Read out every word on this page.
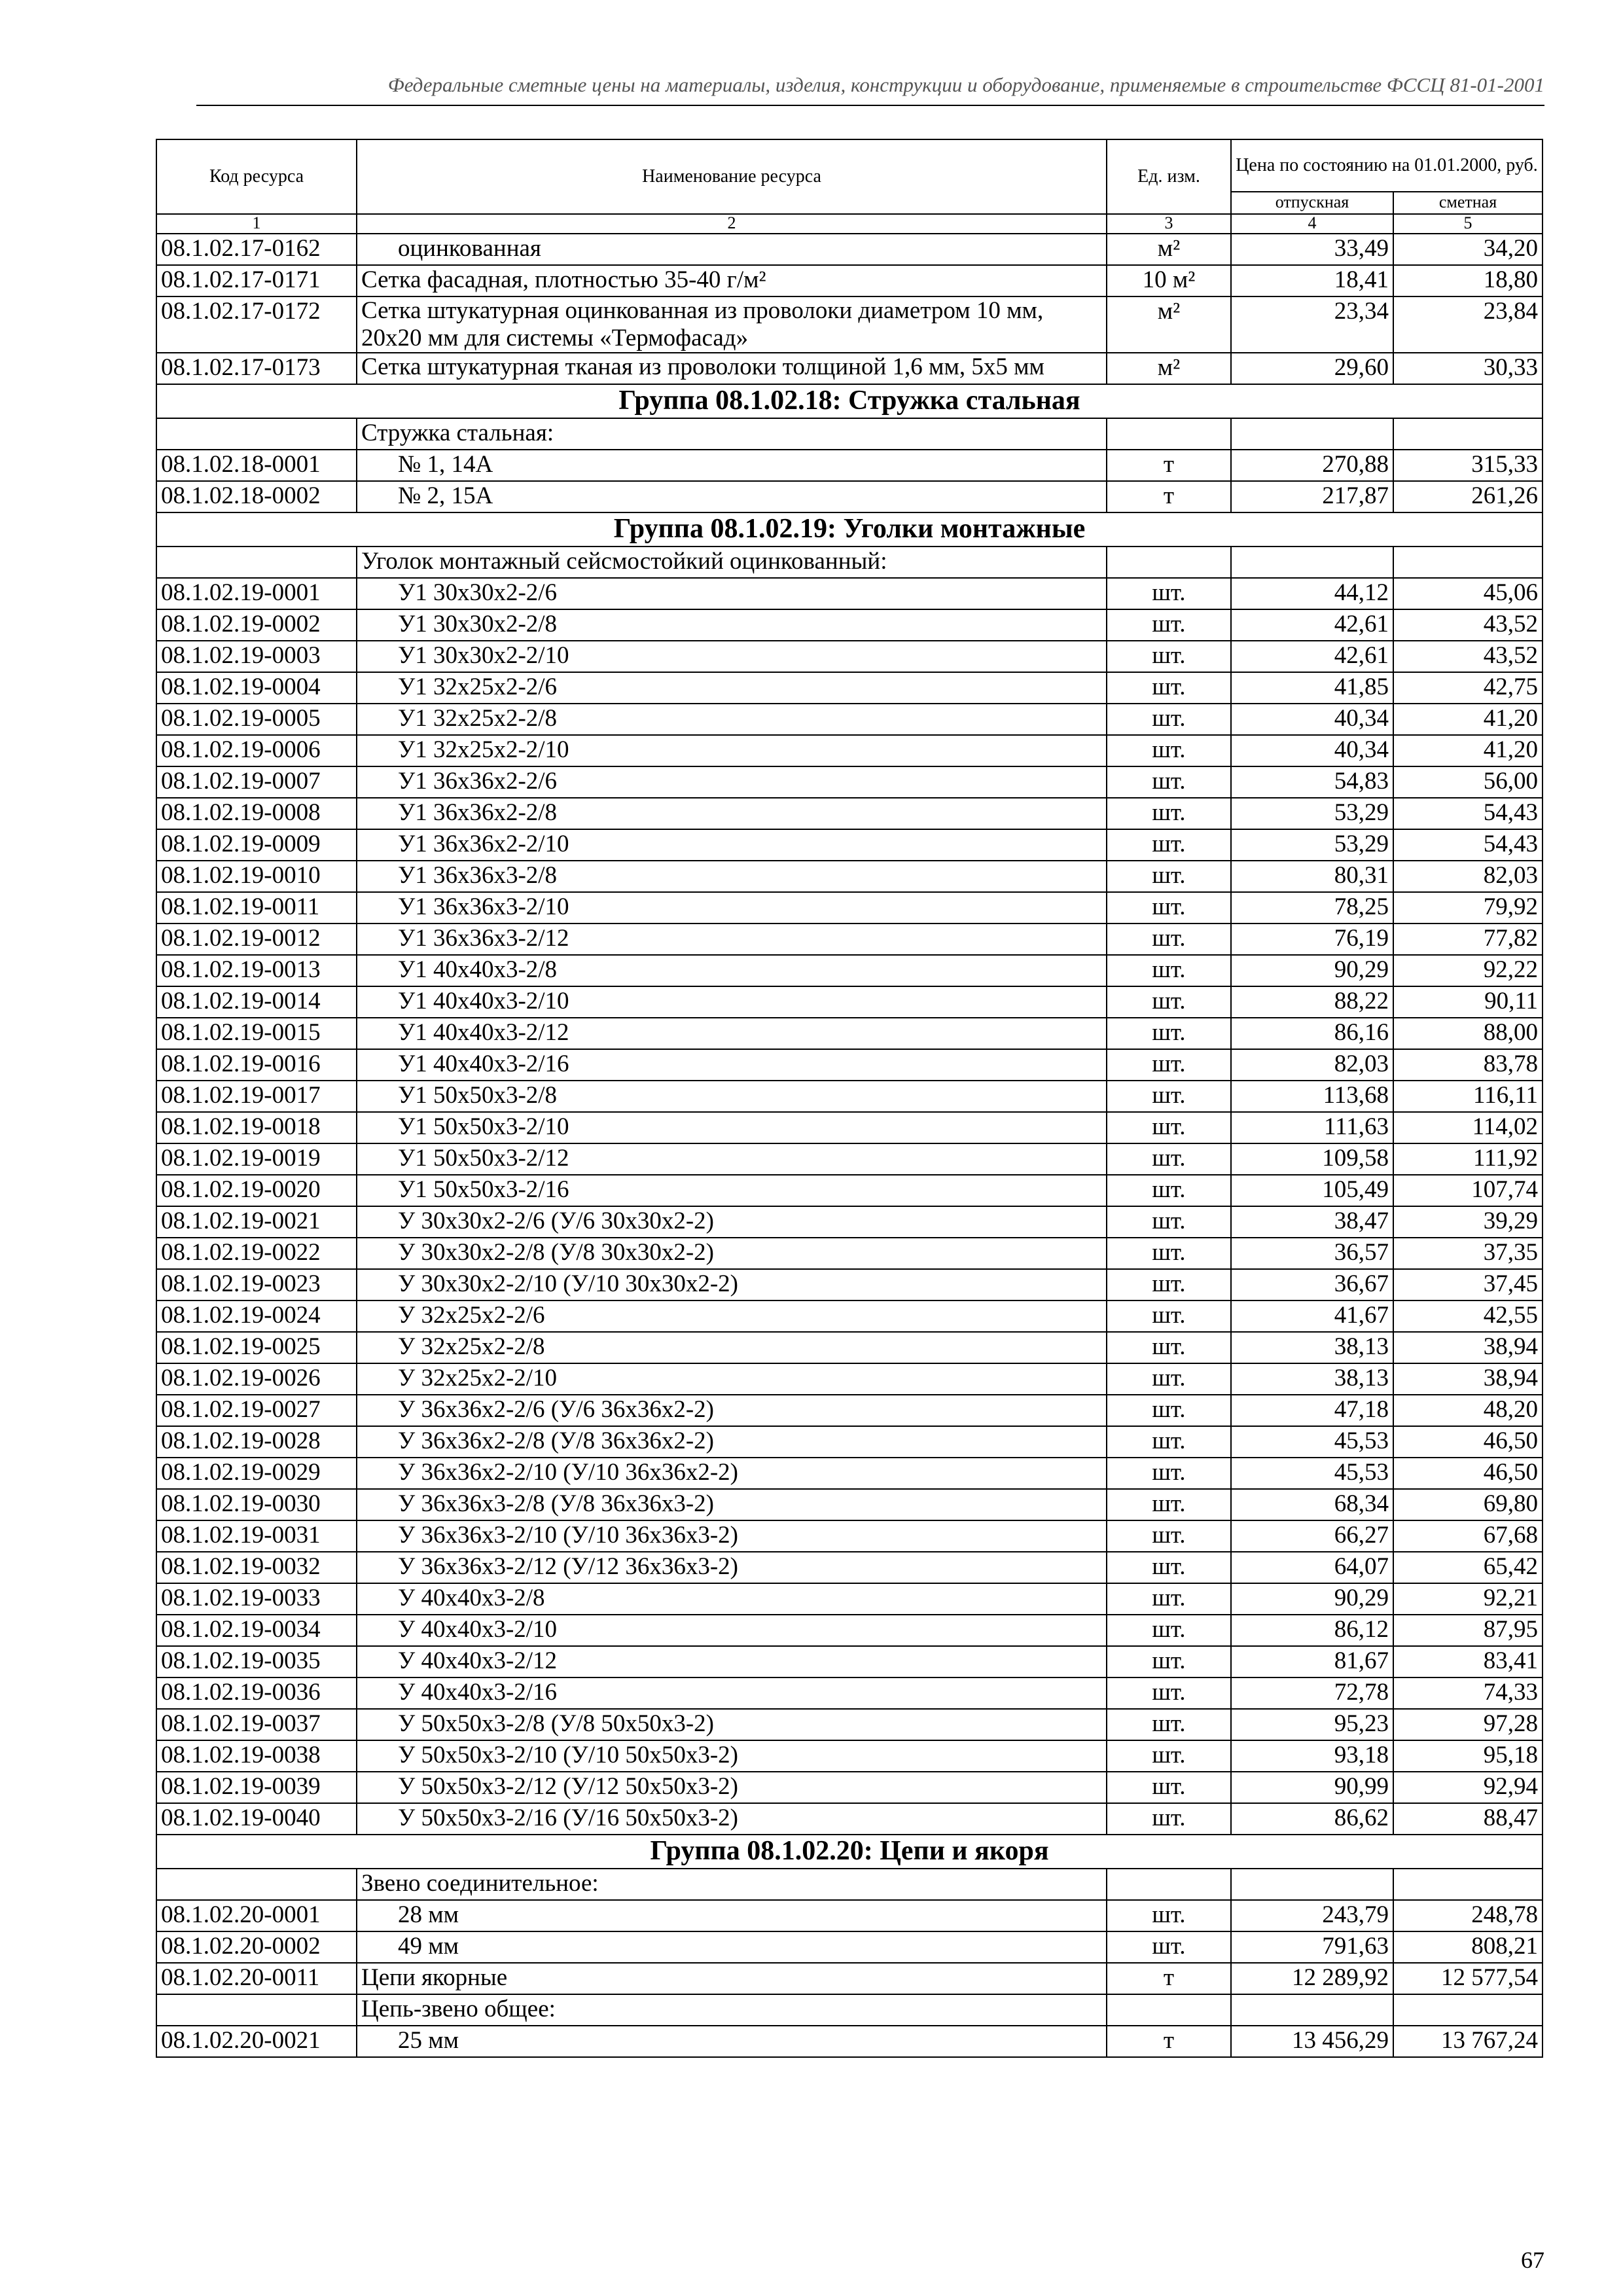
Федеральные сметные цены на материалы, изделия, конструкции и оборудование, применяемые в строительстве ФССЦ 81-01-2001
Код ресурса	Наименование ресурса	Ед. изм.	Цена по состоянию на 01.01.2000, руб.	
			отпускная	сметная
1	2	3	4	5
08.1.02.17-0162	оцинкованная	м²	33,49	34,20
08.1.02.17-0171	Сетка фасадная, плотностью 35-40 г/м²	10 м²	18,41	18,80
08.1.02.17-0172	Сетка штукатурная оцинкованная из проволоки диаметром 10 мм, 20х20 мм для системы «Термофасад»	м²	23,34	23,84
08.1.02.17-0173	Сетка штукатурная тканая из проволоки толщиной 1,6 мм, 5х5 мм	м²	29,60	30,33
Группа 08.1.02.18: Стружка стальная				
	Стружка стальная:			
08.1.02.18-0001	№ 1, 14А	т	270,88	315,33
08.1.02.18-0002	№ 2, 15А	т	217,87	261,26
Группа 08.1.02.19: Уголки монтажные				
	Уголок монтажный сейсмостойкий оцинкованный:			
08.1.02.19-0001	У1 30х30х2-2/6	шт.	44,12	45,06
08.1.02.19-0002	У1 30х30х2-2/8	шт.	42,61	43,52
08.1.02.19-0003	У1 30х30х2-2/10	шт.	42,61	43,52
08.1.02.19-0004	У1 32х25х2-2/6	шт.	41,85	42,75
08.1.02.19-0005	У1 32х25х2-2/8	шт.	40,34	41,20
08.1.02.19-0006	У1 32х25х2-2/10	шт.	40,34	41,20
08.1.02.19-0007	У1 36х36х2-2/6	шт.	54,83	56,00
08.1.02.19-0008	У1 36х36х2-2/8	шт.	53,29	54,43
08.1.02.19-0009	У1 36х36х2-2/10	шт.	53,29	54,43
08.1.02.19-0010	У1 36х36х3-2/8	шт.	80,31	82,03
08.1.02.19-0011	У1 36х36х3-2/10	шт.	78,25	79,92
08.1.02.19-0012	У1 36х36х3-2/12	шт.	76,19	77,82
08.1.02.19-0013	У1 40х40х3-2/8	шт.	90,29	92,22
08.1.02.19-0014	У1 40х40х3-2/10	шт.	88,22	90,11
08.1.02.19-0015	У1 40х40х3-2/12	шт.	86,16	88,00
08.1.02.19-0016	У1 40х40х3-2/16	шт.	82,03	83,78
08.1.02.19-0017	У1 50х50х3-2/8	шт.	113,68	116,11
08.1.02.19-0018	У1 50х50х3-2/10	шт.	111,63	114,02
08.1.02.19-0019	У1 50х50х3-2/12	шт.	109,58	111,92
08.1.02.19-0020	У1 50х50х3-2/16	шт.	105,49	107,74
08.1.02.19-0021	У 30х30х2-2/6 (У/6 30х30х2-2)	шт.	38,47	39,29
08.1.02.19-0022	У 30х30х2-2/8 (У/8 30х30х2-2)	шт.	36,57	37,35
08.1.02.19-0023	У 30х30х2-2/10 (У/10 30х30х2-2)	шт.	36,67	37,45
08.1.02.19-0024	У 32х25х2-2/6	шт.	41,67	42,55
08.1.02.19-0025	У 32х25х2-2/8	шт.	38,13	38,94
08.1.02.19-0026	У 32х25х2-2/10	шт.	38,13	38,94
08.1.02.19-0027	У 36х36х2-2/6 (У/6 36х36х2-2)	шт.	47,18	48,20
08.1.02.19-0028	У 36х36х2-2/8 (У/8 36х36х2-2)	шт.	45,53	46,50
08.1.02.19-0029	У 36х36х2-2/10 (У/10 36х36х2-2)	шт.	45,53	46,50
08.1.02.19-0030	У 36х36х3-2/8 (У/8 36х36х3-2)	шт.	68,34	69,80
08.1.02.19-0031	У 36х36х3-2/10 (У/10 36х36х3-2)	шт.	66,27	67,68
08.1.02.19-0032	У 36х36х3-2/12 (У/12 36х36х3-2)	шт.	64,07	65,42
08.1.02.19-0033	У 40х40х3-2/8	шт.	90,29	92,21
08.1.02.19-0034	У 40х40х3-2/10	шт.	86,12	87,95
08.1.02.19-0035	У 40х40х3-2/12	шт.	81,67	83,41
08.1.02.19-0036	У 40х40х3-2/16	шт.	72,78	74,33
08.1.02.19-0037	У 50х50х3-2/8 (У/8 50х50х3-2)	шт.	95,23	97,28
08.1.02.19-0038	У 50х50х3-2/10 (У/10 50х50х3-2)	шт.	93,18	95,18
08.1.02.19-0039	У 50х50х3-2/12 (У/12 50х50х3-2)	шт.	90,99	92,94
08.1.02.19-0040	У 50х50х3-2/16 (У/16 50х50х3-2)	шт.	86,62	88,47
Группа 08.1.02.20: Цепи и якоря				
	Звено соединительное:			
08.1.02.20-0001	28 мм	шт.	243,79	248,78
08.1.02.20-0002	49 мм	шт.	791,63	808,21
08.1.02.20-0011	Цепи якорные	т	12 289,92	12 577,54
	Цепь-звено общее:			
08.1.02.20-0021	25 мм	т	13 456,29	13 767,24
67
